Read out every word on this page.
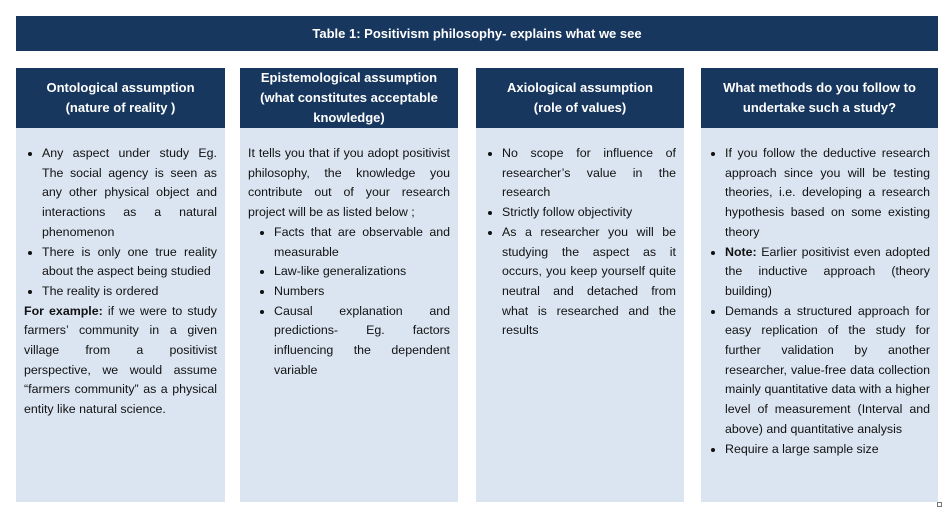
Table 1: Positivism philosophy- explains what we see
Ontological assumption
(nature of reality )
• Any aspect under study Eg. The social agency is seen as any other physical object and interactions as a natural phenomenon
• There is only one true reality about the aspect being studied
• The reality is ordered

For example: if we were to study farmers’ community in a given village from a positivist perspective, we would assume “farmers community” as a physical entity like natural science.

Epistemological assumption
(what constitutes acceptable
knowledge)

It tells you that if you adopt positivist philosophy, the knowledge you contribute out of your research project will be as listed below ;

• Facts that are observable and measurable
• Law-like generalizations
• Numbers
• Causal explanation and predictions- Eg. factors influencing the dependent variable
Axiological assumption
(role of values)
• No scope for influence of researcher’s value in the research
• Strictly follow objectivity
• As a researcher you will be studying the aspect as it occurs, you keep yourself quite neutral and detached from what is researched and the results
What methods do you follow to
undertake such a study?
• If you follow the deductive research approach since you will be testing theories, i.e. developing a research hypothesis based on some existing theory
• Note: Earlier positivist even adopted the inductive approach (theory building)
• Demands a structured approach for easy replication of the study for further validation by another researcher, value-free data collection mainly quantitative data with a higher level of measurement (Interval and above) and quantitative analysis
• Require a large sample size
